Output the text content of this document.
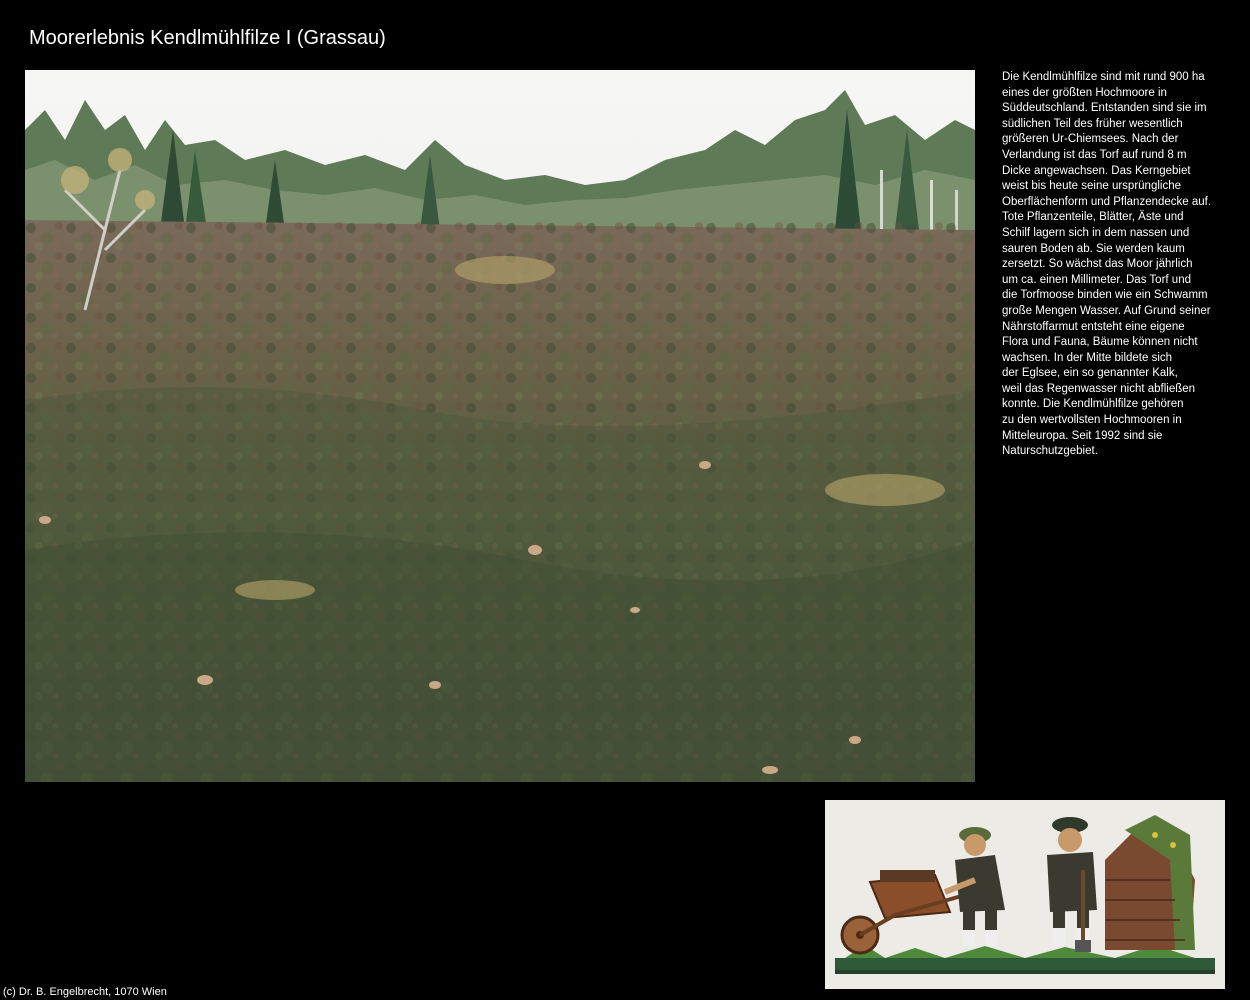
Moorerlebnis Kendlmühlfilze I (Grassau)
Die Kendlmühlfilze sind mit rund 900 ha
eines der größten Hochmoore in
Süddeutschland. Entstanden sind sie im
südlichen Teil des früher wesentlich
größeren Ur-Chiemsees. Nach der
Verlandung ist das Torf auf rund 8 m
Dicke angewachsen. Das Kerngebiet
weist bis heute seine ursprüngliche
Oberflächenform und Pflanzendecke auf.
Tote Pflanzenteile, Blätter, Äste und
Schilf lagern sich in dem nassen und
sauren Boden ab. Sie werden kaum
zersetzt. So wächst das Moor jährlich
um ca. einen Millimeter. Das Torf und
die Torfmoose binden wie ein Schwamm
große Mengen Wasser. Auf Grund seiner
Nährstoffarmut entsteht eine eigene
Flora und Fauna, Bäume können nicht
wachsen. In der Mitte bildete sich
der Eglsee, ein so genannter Kalk,
weil das Regenwasser nicht abfließen
konnte. Die Kendlmühlfilze gehören
zu den wertvollsten Hochmooren in
Mitteleuropa. Seit 1992 sind sie
Naturschutzgebiet.
(c) Dr. B. Engelbrecht, 1070 Wien
